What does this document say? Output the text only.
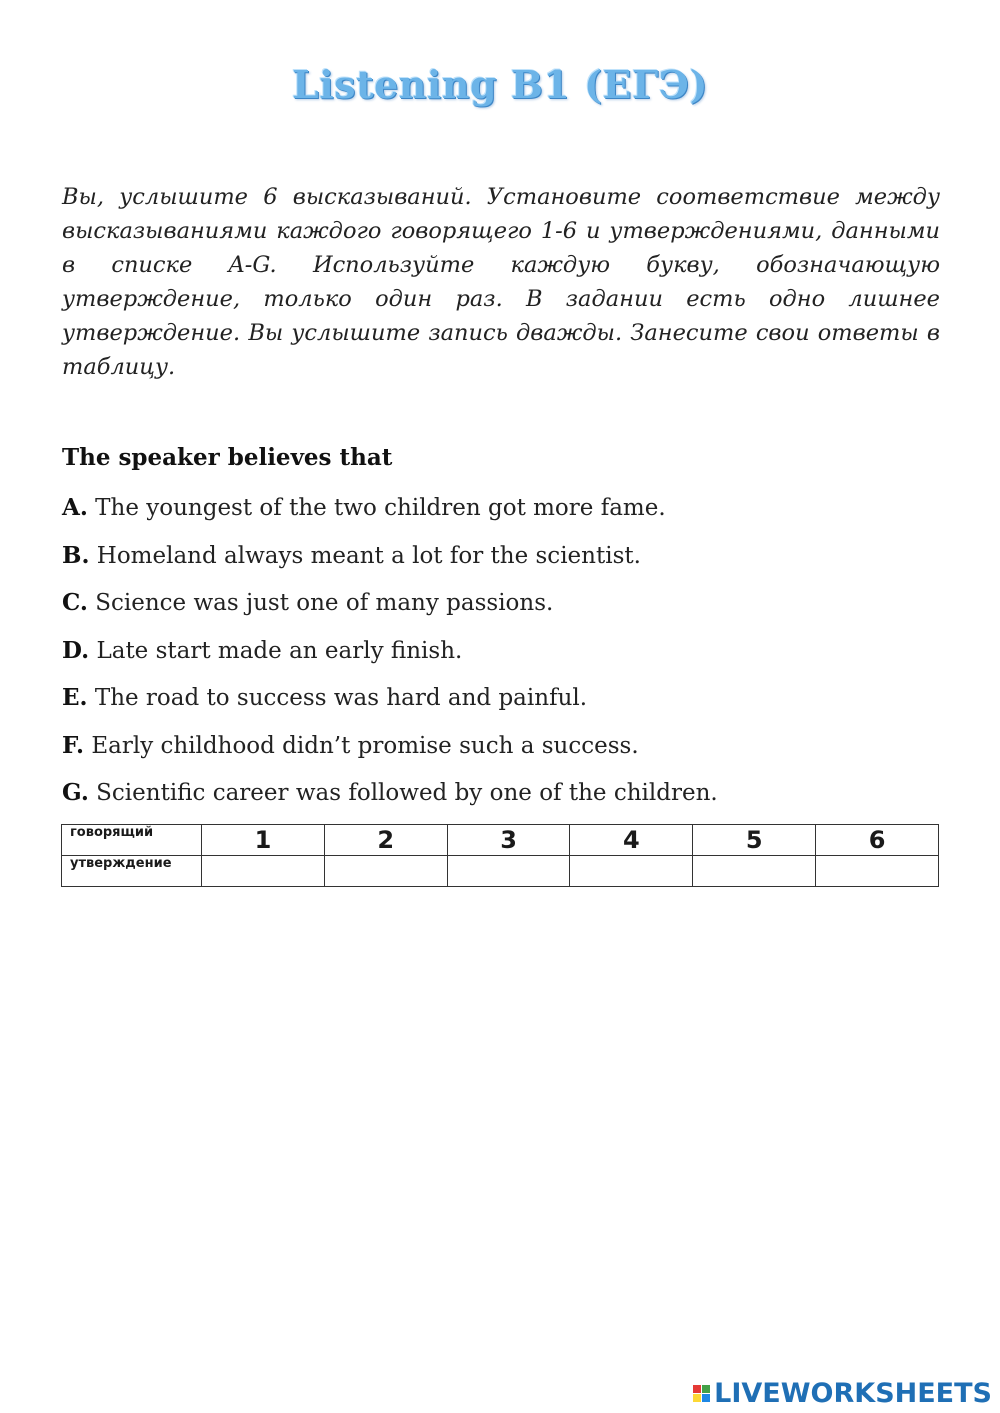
Listening B1 (ЕГЭ)

Вы, услышите 6 высказываний. Установите соответствие между высказываниями каждого говорящего 1-6 и утверждениями, данными в списке A-G. Используйте каждую букву, обозначающую утверждение, только один раз. В задании есть одно лишнее утверждение. Вы услышите запись дважды. Занесите свои ответы в таблицу.

The speaker believes that

A. The youngest of the two children got more fame.
B. Homeland always meant a lot for the scientist.
C. Science was just one of many passions.
D. Late start made an early finish.
E. The road to success was hard and painful.
F. Early childhood didn’t promise such a success.
G. Scientific career was followed by one of the children.
говорящий	1	2	3	4	5	6
утверждение						
LIVEWORKSHEETS
